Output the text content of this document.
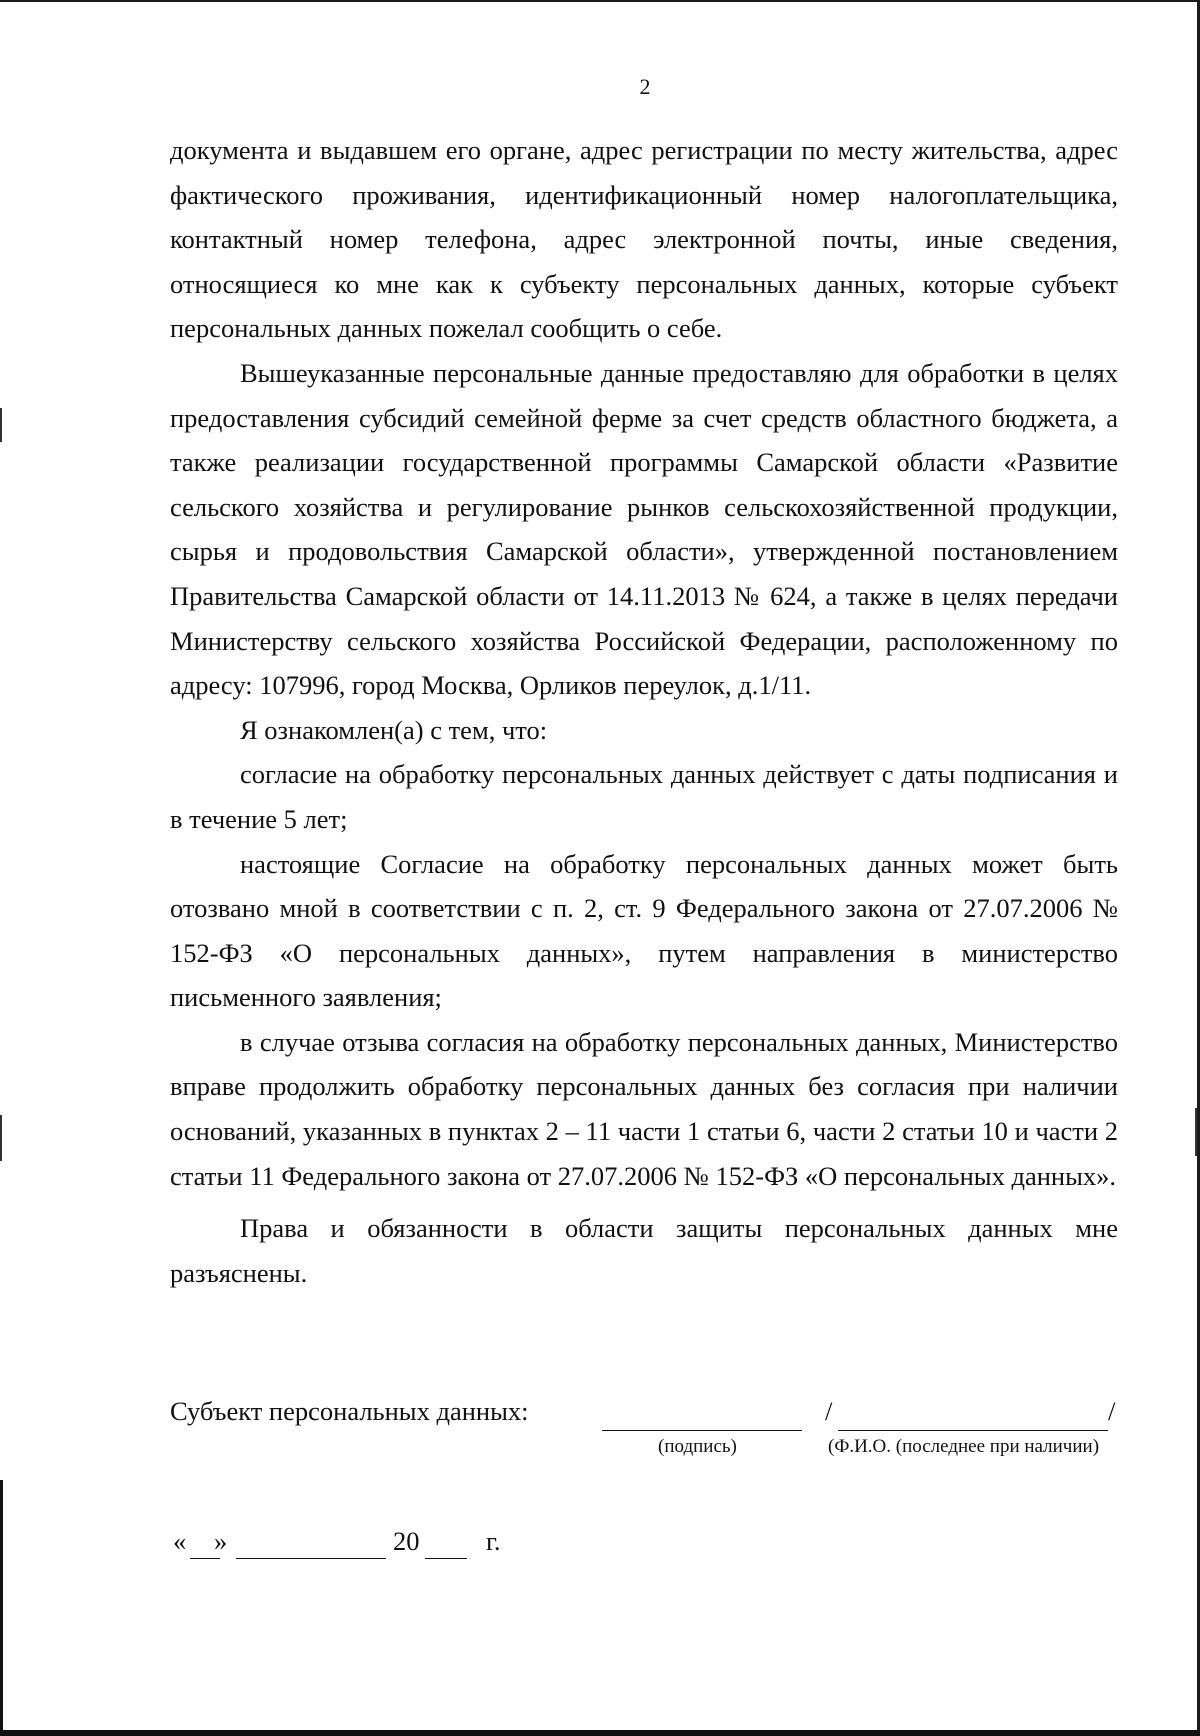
2

документа и выдавшем его органе, адрес регистрации по месту жительства, адрес фактического проживания, идентификационный номер налогоплательщика, контактный номер телефона, адрес электронной почты, иные сведения, относящиеся ко мне как к субъекту персональных данных, которые субъект персональных данных пожелал сообщить о себе.

Вышеуказанные персональные данные предоставляю для обработки в целях предоставления субсидий семейной ферме за счет средств областного бюджета, а также реализации государственной программы Самарской области «Развитие сельского хозяйства и регулирование рынков сельскохозяйственной продукции, сырья и продовольствия Самарской области», утвержденной постановлением Правительства Самарской области от 14.11.2013 № 624, а также в целях передачи Министерству сельского хозяйства Российской Федерации, расположенному по адресу: 107996, город Москва, Орликов переулок, д.1/11.

Я ознакомлен(а) с тем, что:

согласие на обработку персональных данных действует с даты подписания и в течение 5 лет;

настоящие Согласие на обработку персональных данных может быть отозвано мной в соответствии с п. 2, ст. 9 Федерального закона от 27.07.2006 № 152-ФЗ «О персональных данных», путем направления в министерство письменного заявления;

в случае отзыва согласия на обработку персональных данных, Министерство вправе продолжить обработку персональных данных без согласия при наличии оснований, указанных в пунктах 2 – 11 части 1 статьи 6, части 2 статьи 10 и части 2 статьи 11 Федерального закона от 27.07.2006 № 152-ФЗ «О персональных данных».

Права и обязанности в области защиты персональных данных мне разъяснены.

Субъект персональных данных:
(подпись)
/	/
(Ф.И.О. (последнее при наличии)
« »	20	г.
